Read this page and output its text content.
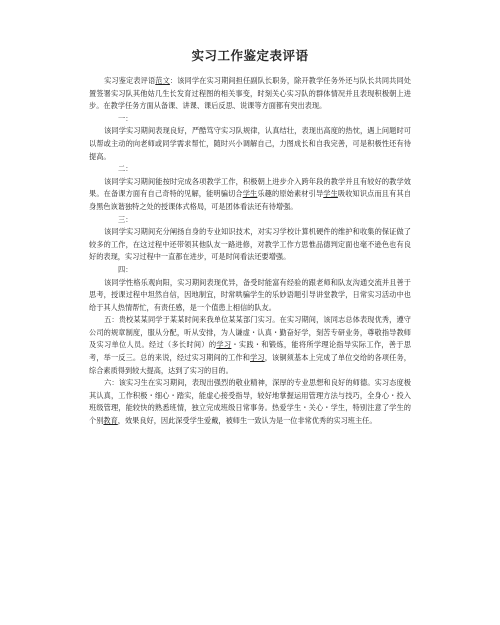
实习工作鉴定表评语

实习鉴定表评语范文：该同学在实习期间担任副队长职务，除开教学任务外还与队长共同共同处置签署实习队其他姑几生长发育过程图的相关事变，时刻关心实习队的群体情况并且表现积极朝上进步。在教学任务方面从备课、讲课、课后反思、说课等方面都有突出表现。

一：

该同学实习期间表现良好，严酷笃守实习队规律，认真结壮，表现出高度的热忱，遇上问题时可以帮或主动的向老师或同学需求帮忙，随时兴小调解自己，力图成长和自我完善，可是积极性还有待提高。

二：

该同学实习期间能按时完成各项教学工作，积极朝上进步介入跨年段的教学并且有较好的教学效果。在备课方面有自己奇特的见解，能明骗切合学生乐趣的原始素材引导学生吸收知识点而且有其自身黑色诙谐独特之处的授课体式格局，可是团体看法还有待增强。

三：

该同学实习期间充分阐扬自身的专业知识技术，对实习学校计算机硬件的维护和收集的保证做了较多的工作，在这过程中还带领其他队友一路进修，对教学工作方思惟品德判定面也毫不逊色也有良好的表现，实习过程中一直都在进步，可是时间看法还要增强。

四：

该同学性格乐观向阳，实习期间表现优异，备受时能富有经验的跟老师和队友沟通交流并且善于思考，授课过程中坦然自信，因地制宜，时常哄骗学生的乐妙语题引导讲堂教学，日常实习活动中也给于其人热情帮忙，有责任感，是一个值患上相信的队友。

五：贵校某某同学于某某时间来我单位某某部门实习。在实习期间，该同志总体表现优秀，遵守公司的规章制度，服从分配，听从安排，为人谦虚・认真・勤奋好学，刻苦专研业务，尊敬指导教师及实习单位人员。经过（多长时间）的学习・实践・和锻炼，能将所学理论指导实际工作，善于思考，举一反三。总的来说，经过实习期间的工作和学习，该铜须基本上完成了单位交给的各项任务，综合素质得到较大提高，达到了实习的目的。

六：该实习生在实习期间，表现出强烈的敬业精神，深厚的专业思想和良好的师德。实习态度极其认真，工作积极・细心・踏实，能虚心接受指导，较好地掌握运用管理方法与技巧，全身心・投入班级管理，能较快的熟悉班情，独立完成班级日常事务。热爱学生・关心・学生，特别注意了学生的个别教育，效果良好，因此深受学生爱戴，被师生一致认为是一位非常优秀的实习班主任。
